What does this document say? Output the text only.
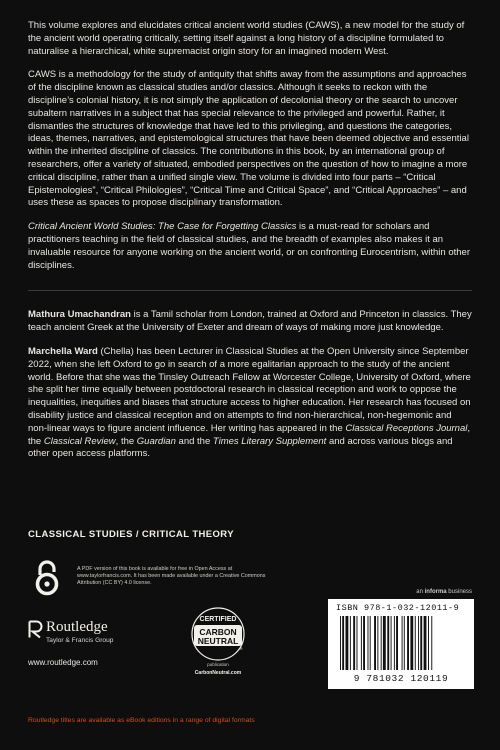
This volume explores and elucidates critical ancient world studies (CAWS), a new model for the study of the ancient world operating critically, setting itself against a long history of a discipline formulated to naturalise a hierarchical, white supremacist origin story for an imagined modern West.

CAWS is a methodology for the study of antiquity that shifts away from the assumptions and approaches of the discipline known as classical studies and/or classics. Although it seeks to reckon with the discipline’s colonial history, it is not simply the application of decolonial theory or the search to uncover subaltern narratives in a subject that has special relevance to the privileged and powerful. Rather, it dismantles the structures of knowledge that have led to this privileging, and questions the categories, ideas, themes, narratives, and epistemological structures that have been deemed objective and essential within the inherited discipline of classics. The contributions in this book, by an international group of researchers, offer a variety of situated, embodied perspectives on the question of how to imagine a more critical discipline, rather than a unified single view. The volume is divided into four parts – “Critical Epistemologies”, “Critical Philologies”, “Critical Time and Critical Space”, and “Critical Approaches” – and uses these as spaces to propose disciplinary transformation.

Critical Ancient World Studies: The Case for Forgetting Classics is a must-read for scholars and practitioners teaching in the field of classical studies, and the breadth of examples also makes it an invaluable resource for anyone working on the ancient world, or on confronting Eurocentrism, within other disciplines.

Mathura Umachandran is a Tamil scholar from London, trained at Oxford and Princeton in classics. They teach ancient Greek at the University of Exeter and dream of ways of making more just knowledge.

Marchella Ward (Chella) has been Lecturer in Classical Studies at the Open University since September 2022, when she left Oxford to go in search of a more egalitarian approach to the study of the ancient world. Before that she was the Tinsley Outreach Fellow at Worcester College, University of Oxford, where she split her time equally between postdoctoral research in classical reception and work to oppose the inequalities, inequities and biases that structure access to higher education. Her research has focused on disability justice and classical reception and on attempts to find non-hierarchical, non-hegemonic and non-linear ways to figure ancient influence. Her writing has appeared in the Classical Receptions Journal, the Classical Review, the Guardian and the Times Literary Supplement and across various blogs and other open access platforms.

CLASSICAL STUDIES / CRITICAL THEORY
A PDF version of this book is available for free in Open Access at www.taylorfrancis.com. It has been made available under a Creative Commons Attribution (CC BY) 4.0 license.
an informa business
Routledge
Taylor & Francis Group
www.routledge.com
CERTIFIED
CARBON
NEUTRAL
®
publication
CarbonNeutral.com
ISBN 978-1-032-12011-9
9 781032 120119
Routledge titles are available as eBook editions in a range of digital formats
